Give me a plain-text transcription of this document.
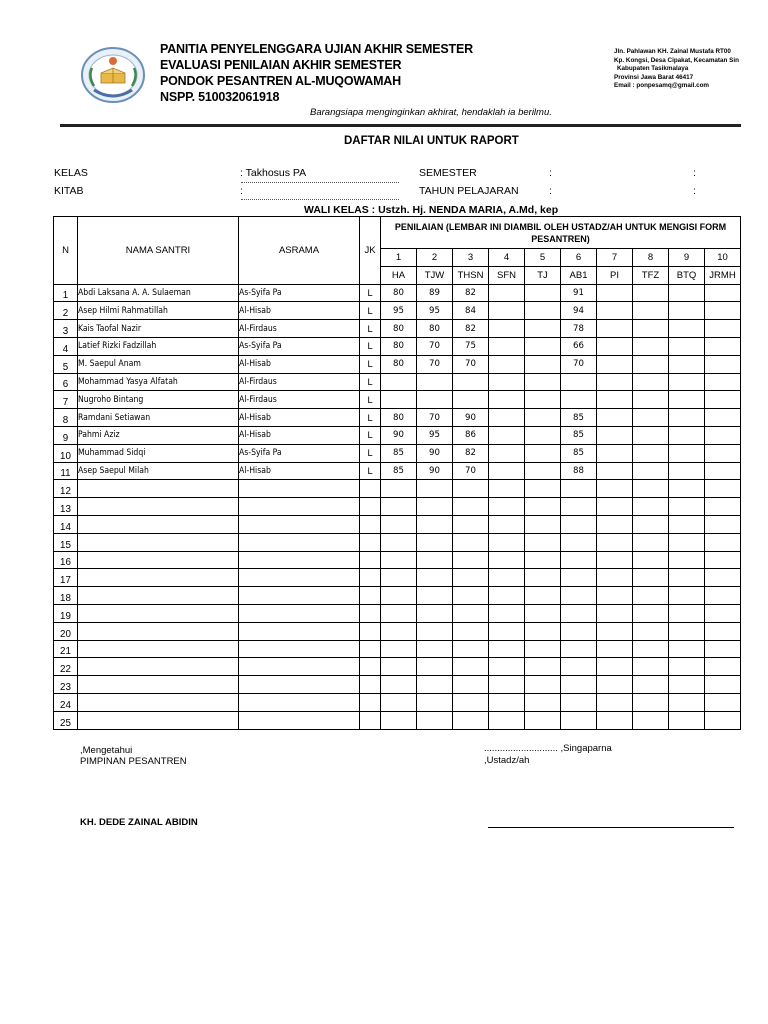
PANITIA PENYELENGGARA UJIAN AKHIR SEMESTER
EVALUASI PENILAIAN AKHIR SEMESTER
PONDOK PESANTREN AL-MUQOWAMAH
NSPP. 510032061918
Jln. Pahlawan KH. Zainal Mustafa RT00
Kp. Kongsi, Desa Cipakat, Kecamatan Sin
Kabupaten Tasikmalaya
Provinsi Jawa Barat 46417
Email : ponpesamq@gmail.com
Barangsiapa menginginkan akhirat, hendaklah ia berilmu.
DAFTAR NILAI UNTUK RAPORT
KELAS	: Takhosus PA	SEMESTER	:	:
KITAB	:	TAHUN PELAJARAN	:	:
WALI KELAS : Ustzh. Hj. NENDA MARIA, A.Md, kep
N	NAMA SANTRI	ASRAMA	JK	PENILAIAN (LEMBAR INI DIAMBIL OLEH USTADZ/AH UNTUK MENGISI FORM PESANTREN)									
				1	2	3	4	5	6	7	8	9	10
				HA	TJW	THSN	SFN	TJ	AB1	PI	TFZ	BTQ	JRMH
1	Abdi Laksana A. A. Sulaeman	As-Syifa Pa	L	80	89	82			91				
2	Asep Hilmi Rahmatillah	Al-Hisab	L	95	95	84			94				
3	Kais Taofal Nazir	Al-Firdaus	L	80	80	82			78				
4	Latief Rizki Fadzillah	As-Syifa Pa	L	80	70	75			66				
5	M. Saepul Anam	Al-Hisab	L	80	70	70			70				
6	Mohammad Yasya Alfatah	Al-Firdaus	L										
7	Nugroho Bintang	Al-Firdaus	L										
8	Ramdani Setiawan	Al-Hisab	L	80	70	90			85				
9	Pahmi Aziz	Al-Hisab	L	90	95	86			85				
10	Muhammad Sidqi	As-Syifa Pa	L	85	90	82			85				
11	Asep Saepul Milah	Al-Hisab	L	85	90	70			88				
12													
13													
14													
15													
16													
17													
18													
19													
20													
21													
22													
23													
24													
25													
,Mengetahui
PIMPINAN PESANTREN
............................ ,Singaparna
,Ustadz/ah
KH. DEDE ZAINAL ABIDIN
